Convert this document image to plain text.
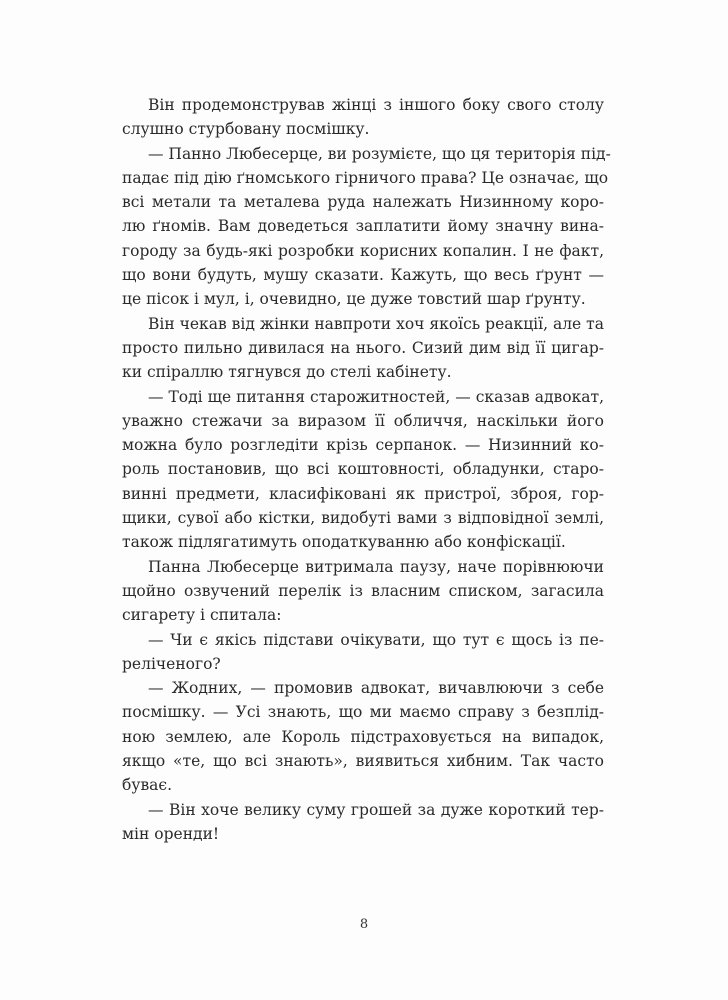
Він продемонстрував жінці з іншого боку свого столу
слушно стурбовану посмішку.
— Панно Любесерце, ви розумієте, що ця територія під-
падає під дію ґномського гірничого права? Це означає, що
всі метали та металева руда належать Низинному коро-
лю ґномів. Вам доведеться заплатити йому значну вина-
городу за будь-які розробки корисних копалин. І не факт,
що вони будуть, мушу сказати. Кажуть, що весь ґрунт —
це пісок і мул, і, очевидно, це дуже товстий шар ґрунту.
Він чекав від жінки навпроти хоч якоїсь реакції, але та
просто пильно дивилася на нього. Сизий дим від її цигар-
ки спіраллю тягнувся до стелі кабінету.
— Тоді ще питання старожитностей, — сказав адвокат,
уважно стежачи за виразом її обличчя, наскільки його
можна було розгледіти крізь серпанок. — Низинний ко-
роль постановив, що всі коштовності, обладунки, старо-
винні предмети, класифіковані як пристрої, зброя, гор-
щики, сувої або кістки, видобуті вами з відповідної землі,
також підлягатимуть оподаткуванню або конфіскації.
Панна Любесерце витримала паузу, наче порівнюючи
щойно озвучений перелік із власним списком, загасила
сигарету і спитала:
— Чи є якісь підстави очікувати, що тут є щось із пе-
реліченого?
— Жодних, — промовив адвокат, вичавлюючи з себе
посмішку. — Усі знають, що ми маємо справу з безплід-
ною землею, але Король підстраховується на випадок,
якщо «те, що всі знають», виявиться хибним. Так часто
буває.
— Він хоче велику суму грошей за дуже короткий тер-
мін оренди!
8
